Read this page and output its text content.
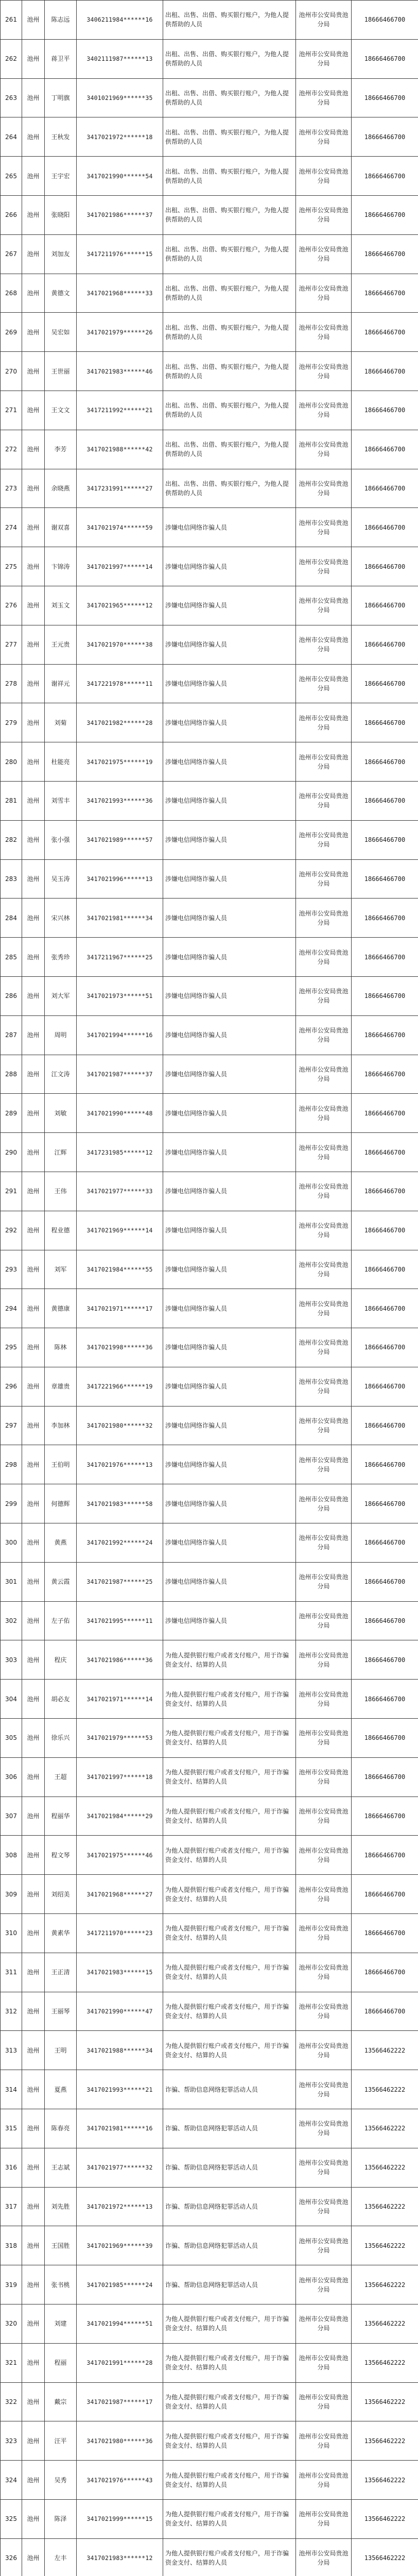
261	池州	陈志远	3406211984******16	出租、出售、出借、购买银行账户，为他人提供帮助的人员	池州市公安局贵池分局	18666466700
262	池州	蒋卫平	3402111987******13	出租、出售、出借、购买银行账户，为他人提供帮助的人员	池州市公安局贵池分局	18666466700
263	池州	丁明旗	3401021969******35	出租、出售、出借、购买银行账户，为他人提供帮助的人员	池州市公安局贵池分局	18666466700
264	池州	王秋发	3417021972******18	出租、出售、出借、购买银行账户，为他人提供帮助的人员	池州市公安局贵池分局	18666466700
265	池州	王宇宏	3417021990******54	出租、出售、出借、购买银行账户，为他人提供帮助的人员	池州市公安局贵池分局	18666466700
266	池州	张晓阳	3417021986******37	出租、出售、出借、购买银行账户，为他人提供帮助的人员	池州市公安局贵池分局	18666466700
267	池州	刘加友	3417211976******15	出租、出售、出借、购买银行账户，为他人提供帮助的人员	池州市公安局贵池分局	18666466700
268	池州	黄德文	3417021968******33	出租、出售、出借、购买银行账户，为他人提供帮助的人员	池州市公安局贵池分局	18666466700
269	池州	吴宏如	3417021979******26	出租、出售、出借、购买银行账户，为他人提供帮助的人员	池州市公安局贵池分局	18666466700
270	池州	王世丽	3417021983******46	出租、出售、出借、购买银行账户，为他人提供帮助的人员	池州市公安局贵池分局	18666466700
271	池州	王文文	3417211992******21	出租、出售、出借、购买银行账户，为他人提供帮助的人员	池州市公安局贵池分局	18666466700
272	池州	李芳	3417021988******42	出租、出售、出借、购买银行账户，为他人提供帮助的人员	池州市公安局贵池分局	18666466700
273	池州	余晓燕	3417231991******27	出租、出售、出借、购买银行账户，为他人提供帮助的人员	池州市公安局贵池分局	18666466700
274	池州	谢双喜	3417021974******59	涉嫌电信网络诈骗人员	池州市公安局贵池分局	18666466700
275	池州	卞锦涛	3417021997******14	涉嫌电信网络诈骗人员	池州市公安局贵池分局	18666466700
276	池州	刘玉文	3417021965******12	涉嫌电信网络诈骗人员	池州市公安局贵池分局	18666466700
277	池州	王元贵	3417021970******38	涉嫌电信网络诈骗人员	池州市公安局贵池分局	18666466700
278	池州	谢祥元	3417221978******11	涉嫌电信网络诈骗人员	池州市公安局贵池分局	18666466700
279	池州	刘菊	3417021982******28	涉嫌电信网络诈骗人员	池州市公安局贵池分局	18666466700
280	池州	杜能亮	3417021975******19	涉嫌电信网络诈骗人员	池州市公安局贵池分局	18666466700
281	池州	刘雪丰	3417021993******36	涉嫌电信网络诈骗人员	池州市公安局贵池分局	18666466700
282	池州	张小强	3417021989******57	涉嫌电信网络诈骗人员	池州市公安局贵池分局	18666466700
283	池州	吴玉涛	3417021996******13	涉嫌电信网络诈骗人员	池州市公安局贵池分局	18666466700
284	池州	宋兴林	3417021981******34	涉嫌电信网络诈骗人员	池州市公安局贵池分局	18666466700
285	池州	张秀珍	3417211967******25	涉嫌电信网络诈骗人员	池州市公安局贵池分局	18666466700
286	池州	刘大军	3417021973******51	涉嫌电信网络诈骗人员	池州市公安局贵池分局	18666466700
287	池州	周明	3417021994******16	涉嫌电信网络诈骗人员	池州市公安局贵池分局	18666466700
288	池州	江文涛	3417021987******37	涉嫌电信网络诈骗人员	池州市公安局贵池分局	18666466700
289	池州	刘敏	3417021990******48	涉嫌电信网络诈骗人员	池州市公安局贵池分局	18666466700
290	池州	江辉	3417231985******12	涉嫌电信网络诈骗人员	池州市公安局贵池分局	18666466700
291	池州	王伟	3417021977******33	涉嫌电信网络诈骗人员	池州市公安局贵池分局	18666466700
292	池州	程业德	3417021969******14	涉嫌电信网络诈骗人员	池州市公安局贵池分局	18666466700
293	池州	刘军	3417021984******55	涉嫌电信网络诈骗人员	池州市公安局贵池分局	18666466700
294	池州	黄德康	3417021971******17	涉嫌电信网络诈骗人员	池州市公安局贵池分局	18666466700
295	池州	陈林	3417021998******36	涉嫌电信网络诈骗人员	池州市公安局贵池分局	18666466700
296	池州	章雄贵	3417221966******19	涉嫌电信网络诈骗人员	池州市公安局贵池分局	18666466700
297	池州	李加林	3417021980******32	涉嫌电信网络诈骗人员	池州市公安局贵池分局	18666466700
298	池州	王伯明	3417021976******13	涉嫌电信网络诈骗人员	池州市公安局贵池分局	18666466700
299	池州	何德辉	3417021983******58	涉嫌电信网络诈骗人员	池州市公安局贵池分局	18666466700
300	池州	黄燕	3417021992******24	涉嫌电信网络诈骗人员	池州市公安局贵池分局	18666466700
301	池州	黄云霞	3417021987******25	涉嫌电信网络诈骗人员	池州市公安局贵池分局	18666466700
302	池州	左子佑	3417021995******11	涉嫌电信网络诈骗人员	池州市公安局贵池分局	18666466700
303	池州	程庆	3417021986******36	为他人提供银行账户或者支付账户，用于诈骗资金支付、结算的人员	池州市公安局贵池分局	18666466700
304	池州	胡必友	3417021971******14	为他人提供银行账户或者支付账户，用于诈骗资金支付、结算的人员	池州市公安局贵池分局	18666466700
305	池州	徐乐兴	3417021979******53	为他人提供银行账户或者支付账户，用于诈骗资金支付、结算的人员	池州市公安局贵池分局	18666466700
306	池州	王超	3417021997******18	为他人提供银行账户或者支付账户，用于诈骗资金支付、结算的人员	池州市公安局贵池分局	18666466700
307	池州	程丽华	3417021984******29	为他人提供银行账户或者支付账户，用于诈骗资金支付、结算的人员	池州市公安局贵池分局	18666466700
308	池州	程文琴	3417021975******46	为他人提供银行账户或者支付账户，用于诈骗资金支付、结算的人员	池州市公安局贵池分局	18666466700
309	池州	刘绍美	3417021968******27	为他人提供银行账户或者支付账户，用于诈骗资金支付、结算的人员	池州市公安局贵池分局	18666466700
310	池州	黄素华	3417211970******23	为他人提供银行账户或者支付账户，用于诈骗资金支付、结算的人员	池州市公安局贵池分局	18666466700
311	池州	王正清	3417021983******15	为他人提供银行账户或者支付账户，用于诈骗资金支付、结算的人员	池州市公安局贵池分局	18666466700
312	池州	王丽琴	3417021990******47	为他人提供银行账户或者支付账户，用于诈骗资金支付、结算的人员	池州市公安局贵池分局	18666466700
313	池州	王明	3417021988******34	为他人提供银行账户或者支付账户，用于诈骗资金支付、结算的人员	池州市公安局贵池分局	13566462222
314	池州	夏燕	3417021993******21	诈骗、帮助信息网络犯罪活动人员	池州市公安局贵池分局	13566462222
315	池州	陈春亮	3417021981******16	诈骗、帮助信息网络犯罪活动人员	池州市公安局贵池分局	13566462222
316	池州	王志斌	3417021977******32	诈骗、帮助信息网络犯罪活动人员	池州市公安局贵池分局	13566462222
317	池州	刘先胜	3417021972******13	诈骗、帮助信息网络犯罪活动人员	池州市公安局贵池分局	13566462222
318	池州	王国胜	3417021969******39	诈骗、帮助信息网络犯罪活动人员	池州市公安局贵池分局	13566462222
319	池州	张书桃	3417021985******24	诈骗、帮助信息网络犯罪活动人员	池州市公安局贵池分局	13566462222
320	池州	刘建	3417021994******51	为他人提供银行账户或者支付账户，用于诈骗资金支付、结算的人员	池州市公安局贵池分局	13566462222
321	池州	程丽	3417021991******28	为他人提供银行账户或者支付账户，用于诈骗资金支付、结算的人员	池州市公安局贵池分局	13566462222
322	池州	戴宗	3417021987******17	为他人提供银行账户或者支付账户，用于诈骗资金支付、结算的人员	池州市公安局贵池分局	13566462222
323	池州	汪平	3417021980******36	为他人提供银行账户或者支付账户，用于诈骗资金支付、结算的人员	池州市公安局贵池分局	13566462222
324	池州	吴秀	3417021976******43	为他人提供银行账户或者支付账户，用于诈骗资金支付、结算的人员	池州市公安局贵池分局	13566462222
325	池州	陈泽	3417021999******15	为他人提供银行账户或者支付账户，用于诈骗资金支付、结算的人员	池州市公安局贵池分局	13566462222
326	池州	左丰	3417021983******12	为他人提供银行账户或者支付账户，用于诈骗资金支付、结算的人员	池州市公安局贵池分局	13566462222
